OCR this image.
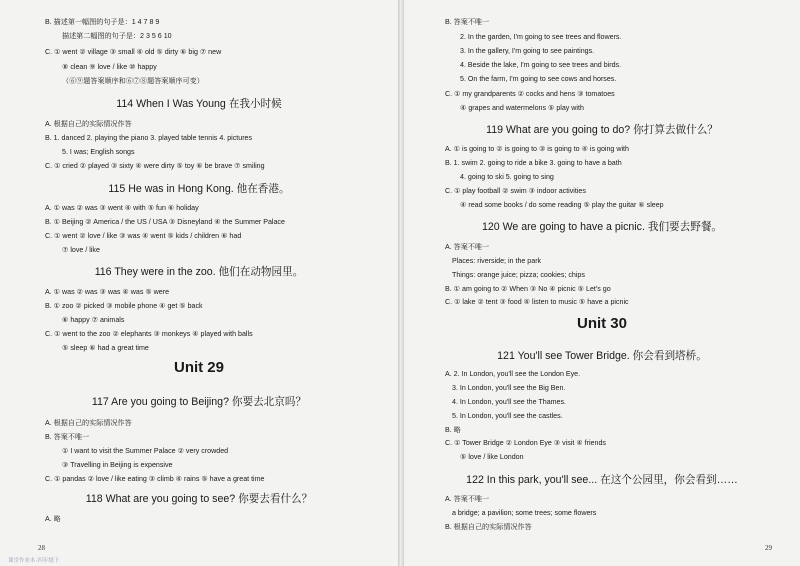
B. 描述第一幅图的句子是：1 4 7 8 9
描述第二幅图的句子是：2 3 5 6 10
C. ① went ② village ③ small ④ old ⑤ dirty ⑥ big ⑦ new
⑧ clean ⑨ love / like ⑩ happy
（⑥⑨题答案顺序和⑥⑦⑧题答案顺序可变）
114 When I Was Young 在我小时候
A. 根据自己的实际情况作答
B. 1. danced 2. playing the piano 3. played table tennis 4. pictures
5. I was; English songs
C. ① cried ② played ③ sixty ④ were dirty ⑤ toy ⑥ be brave ⑦ smiling
115 He was in Hong Kong. 他在香港。
A. ① was ② was ③ went ④ with ⑤ fun ⑥ holiday
B. ① Beijing ② America / the US / USA ③ Disneyland ④ the Summer Palace
C. ① went ② love / like ③ was ④ went ⑤ kids / children ⑥ had
⑦ love / like
116 They were in the zoo. 他们在动物园里。
A. ① was ② was ③ was ④ was ⑤ were
B. ① zoo ② picked ③ mobile phone ④ get ⑤ back
⑥ happy ⑦ animals
C. ① went to the zoo ② elephants ③ monkeys ④ played with balls
⑤ sleep ⑥ had a great time
Unit 29
117 Are you going to Beijing? 你要去北京吗？
A. 根据自己的实际情况作答
B. 答案不唯一
① I want to visit the Summer Palace ② very crowded
③ Travelling in Beijing is expensive
C. ① pandas ② love / like eating ③ climb ④ rains ⑤ have a great time
118 What are you going to see? 你要去看什么？
A. 略
28
课堂作业本·四年级下
B. 答案不唯一
2. In the garden, I'm going to see trees and flowers.
3. In the gallery, I'm going to see paintings.
4. Beside the lake, I'm going to see trees and birds.
5. On the farm, I'm going to see cows and horses.
C. ① my grandparents ② cocks and hens ③ tomatoes
④ grapes and watermelons ⑤ play with
119 What are you going to do? 你打算去做什么？
A. ① is going to ② is going to ③ is going to ④ is going with
B. 1. swim 2. going to ride a bike 3. going to have a bath
4. going to ski 5. going to sing
C. ① play football ② swim ③ indoor activities
④ read some books / do some reading ⑤ play the guitar ⑥ sleep
120 We are going to have a picnic. 我们要去野餐。
A. 答案不唯一
Places: riverside; in the park
Things: orange juice; pizza; cookies; chips
B. ① am going to ② When ③ No ④ picnic ⑤ Let's go
C. ① lake ② tent ③ food ④ listen to music ⑤ have a picnic
Unit 30
121 You'll see Tower Bridge. 你会看到塔桥。
A. 2. In London, you'll see the London Eye.
3. In London, you'll see the Big Ben.
4. In London, you'll see the Thames.
5. In London, you'll see the castles.
B. 略
C. ① Tower Bridge ② London Eye ③ visit ④ friends
⑤ love / like London
122 In this park, you'll see... 在这个公园里，你会看到……
A. 答案不唯一
a bridge; a pavilion; some trees; some flowers
B. 根据自己的实际情况作答
29
